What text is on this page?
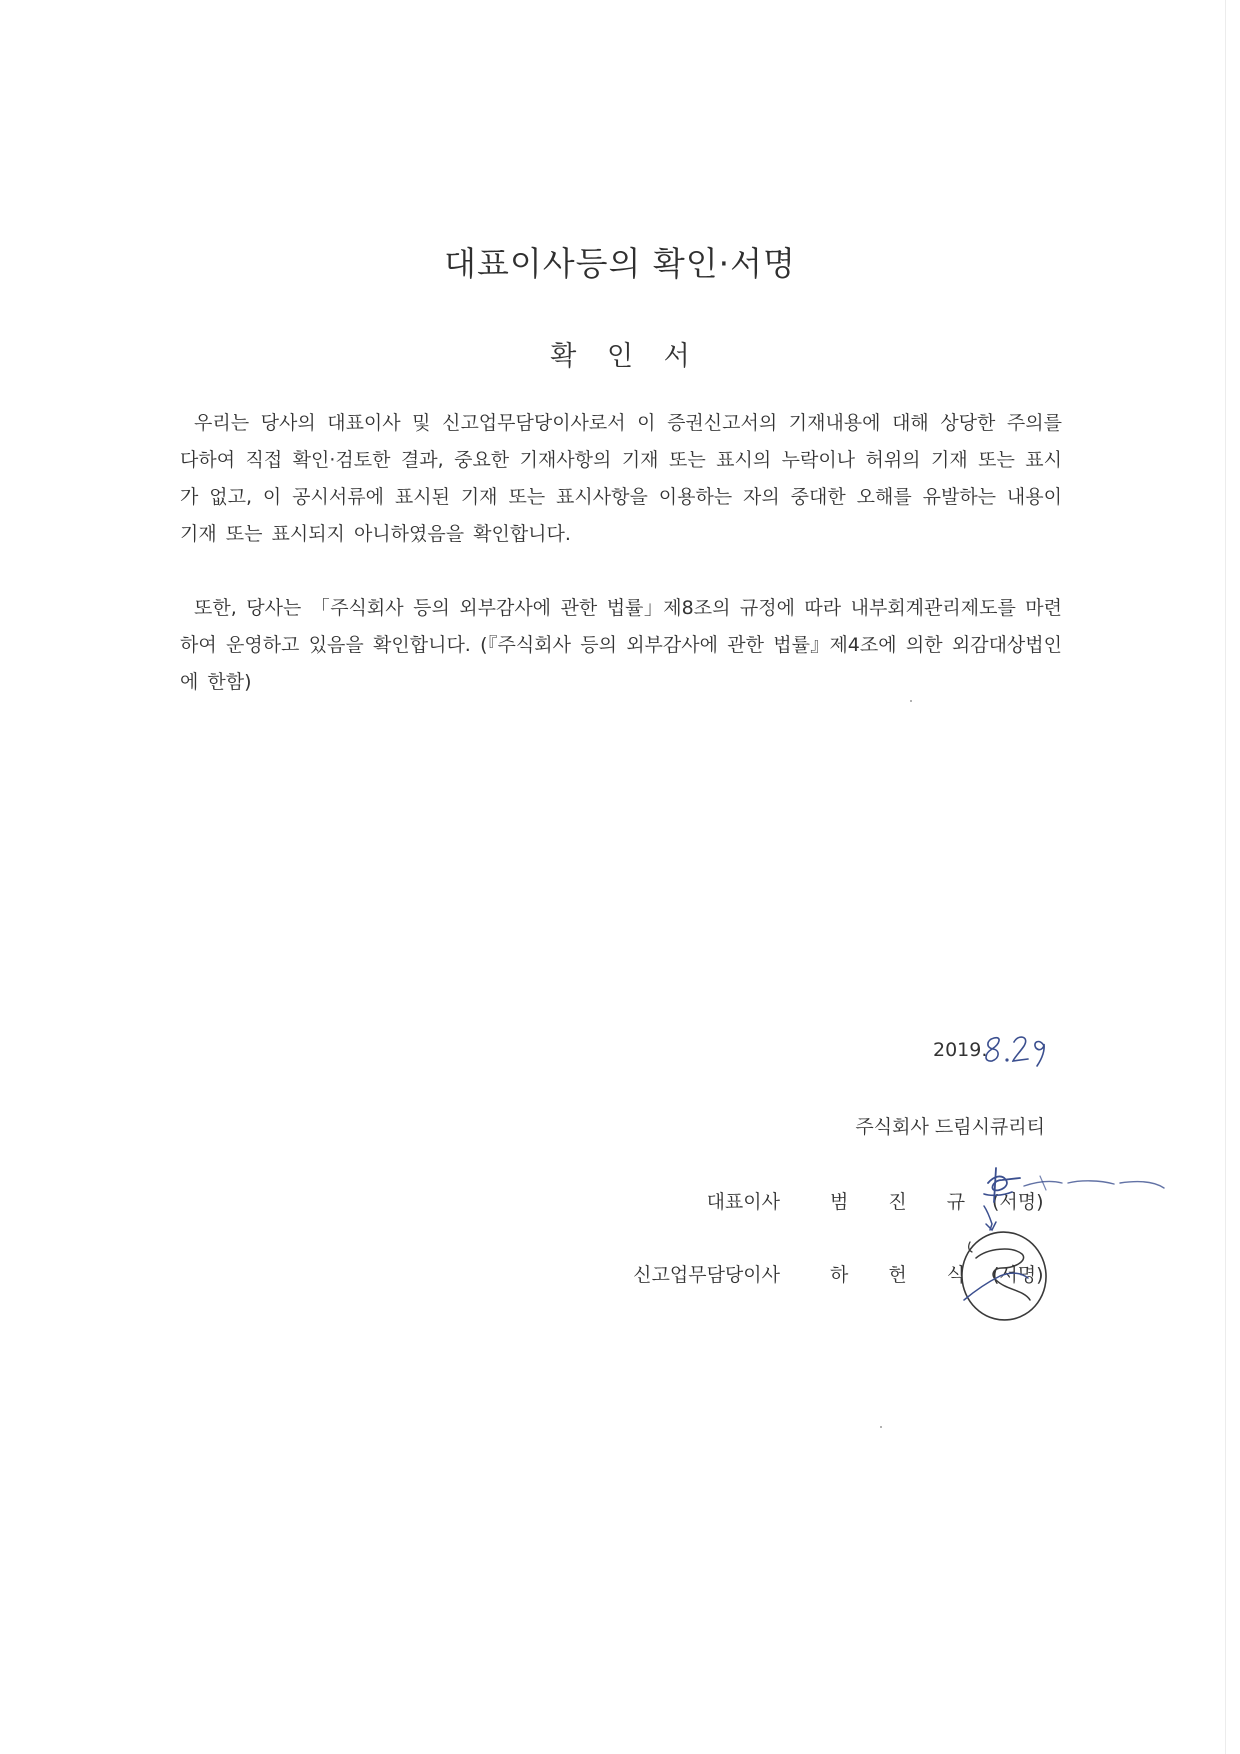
대표이사등의 확인·서명
확 인 서

우리는 당사의 대표이사 및 신고업무담당이사로서 이 증권신고서의 기재내용에 대해 상당한 주의를 다하여 직접 확인·검토한 결과, 중요한 기재사항의 기재 또는 표시의 누락이나 허위의 기재 또는 표시가 없고, 이 공시서류에 표시된 기재 또는 표시사항을 이용하는 자의 중대한 오해를 유발하는 내용이 기재 또는 표시되지 아니하였음을 확인합니다.

또한, 당사는 「주식회사 등의 외부감사에 관한 법률」제8조의 규정에 따라 내부회계관리제도를 마련하여 운영하고 있음을 확인합니다. (『주식회사 등의 외부감사에 관한 법률』제4조에 의한 외감대상법인에 한함)

2019.
주식회사 드림시큐리티
대표이사	범 진 규 (서명)
신고업무담당이사	하 헌 식 (서명)
